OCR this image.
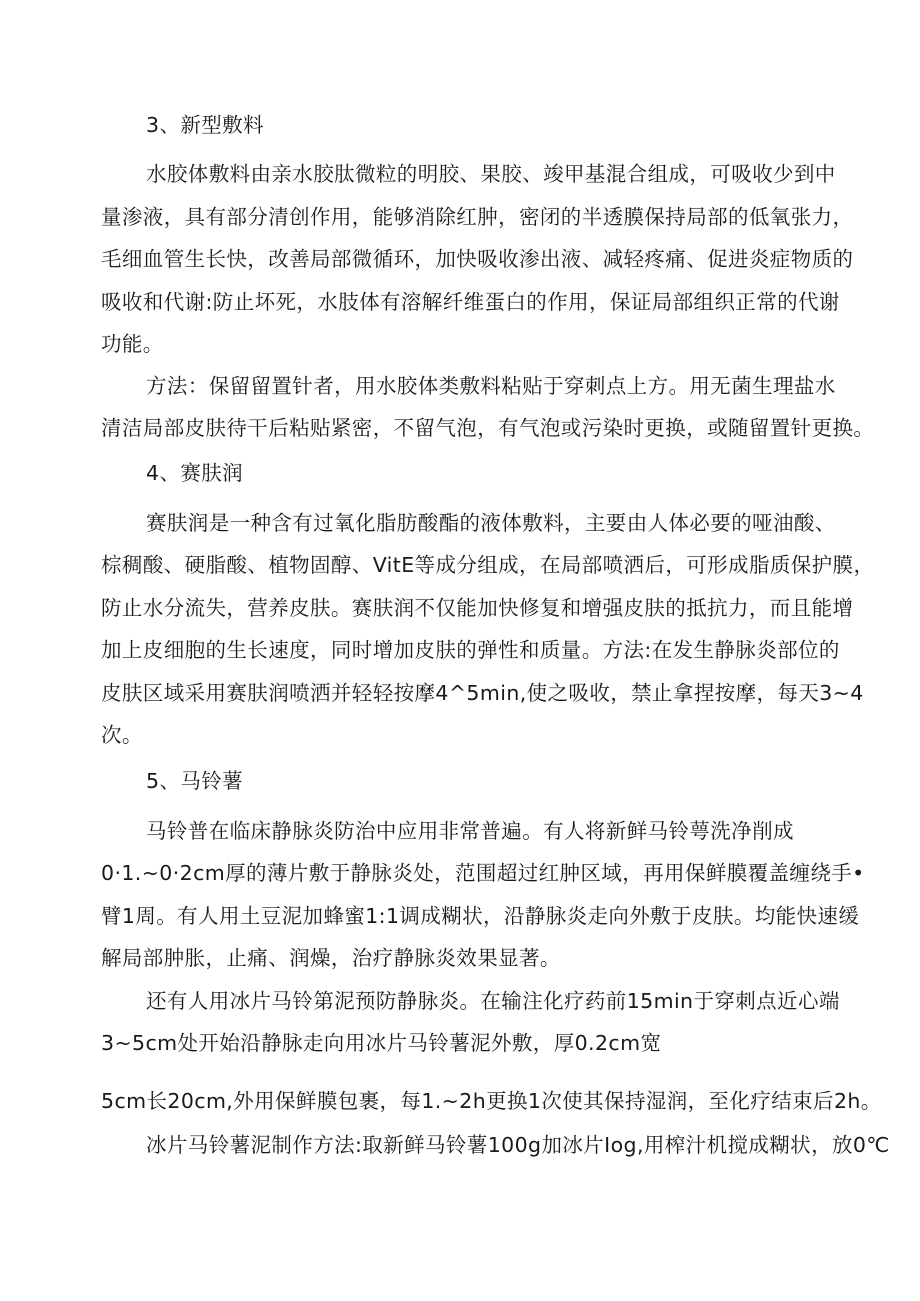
3、新型敷料
水胶体敷料由亲水胶肽微粒的明胶、果胶、竣甲基混合组成，可吸收少到中
量渗液，具有部分清创作用，能够消除红肿，密闭的半透膜保持局部的低氧张力，
毛细血管生长快，改善局部微循环，加快吸收渗出液、减轻疼痛、促进炎症物质的
吸收和代谢:防止坏死，水肢体有溶解纤维蛋白的作用，保证局部组织正常的代谢
功能。
方法：保留留置针者，用水胶体类敷料粘贴于穿刺点上方。用无菌生理盐水
清洁局部皮肤待干后粘贴紧密，不留气泡，有气泡或污染时更换，或随留置针更换。
4、赛肤润
赛肤润是一种含有过氧化脂肪酸酯的液体敷料，主要由人体必要的哑油酸、
棕稠酸、硬脂酸、植物固醇、VitE等成分组成，在局部喷洒后，可形成脂质保护膜，
防止水分流失，营养皮肤。赛肤润不仅能加快修复和增强皮肤的抵抗力，而且能增
加上皮细胞的生长速度，同时增加皮肤的弹性和质量。方法:在发生静脉炎部位的
皮肤区域采用赛肤润喷洒并轻轻按摩4^5min,使之吸收，禁止拿捏按摩，每天3~4
次。
5、马铃薯
马铃普在临床静脉炎防治中应用非常普遍。有人将新鲜马铃萼洗净削成
0·1.~0·2cm厚的薄片敷于静脉炎处，范围超过红肿区域，再用保鲜膜覆盖缠绕手•
臂1周。有人用土豆泥加蜂蜜1:1调成糊状，沿静脉炎走向外敷于皮肤。均能快速缓
解局部肿胀，止痛、润燥，治疗静脉炎效果显著。
还有人用冰片马铃第泥预防静脉炎。在输注化疗药前15min于穿刺点近心端
3~5cm处开始沿静脉走向用冰片马铃薯泥外敷，厚0.2cm宽
5cm长20cm,外用保鲜膜包裹，每1.~2h更换1次使其保持湿润，至化疗结束后2h。
冰片马铃薯泥制作方法:取新鲜马铃薯100g加冰片Iog,用榨汁机搅成糊状，放0℃
